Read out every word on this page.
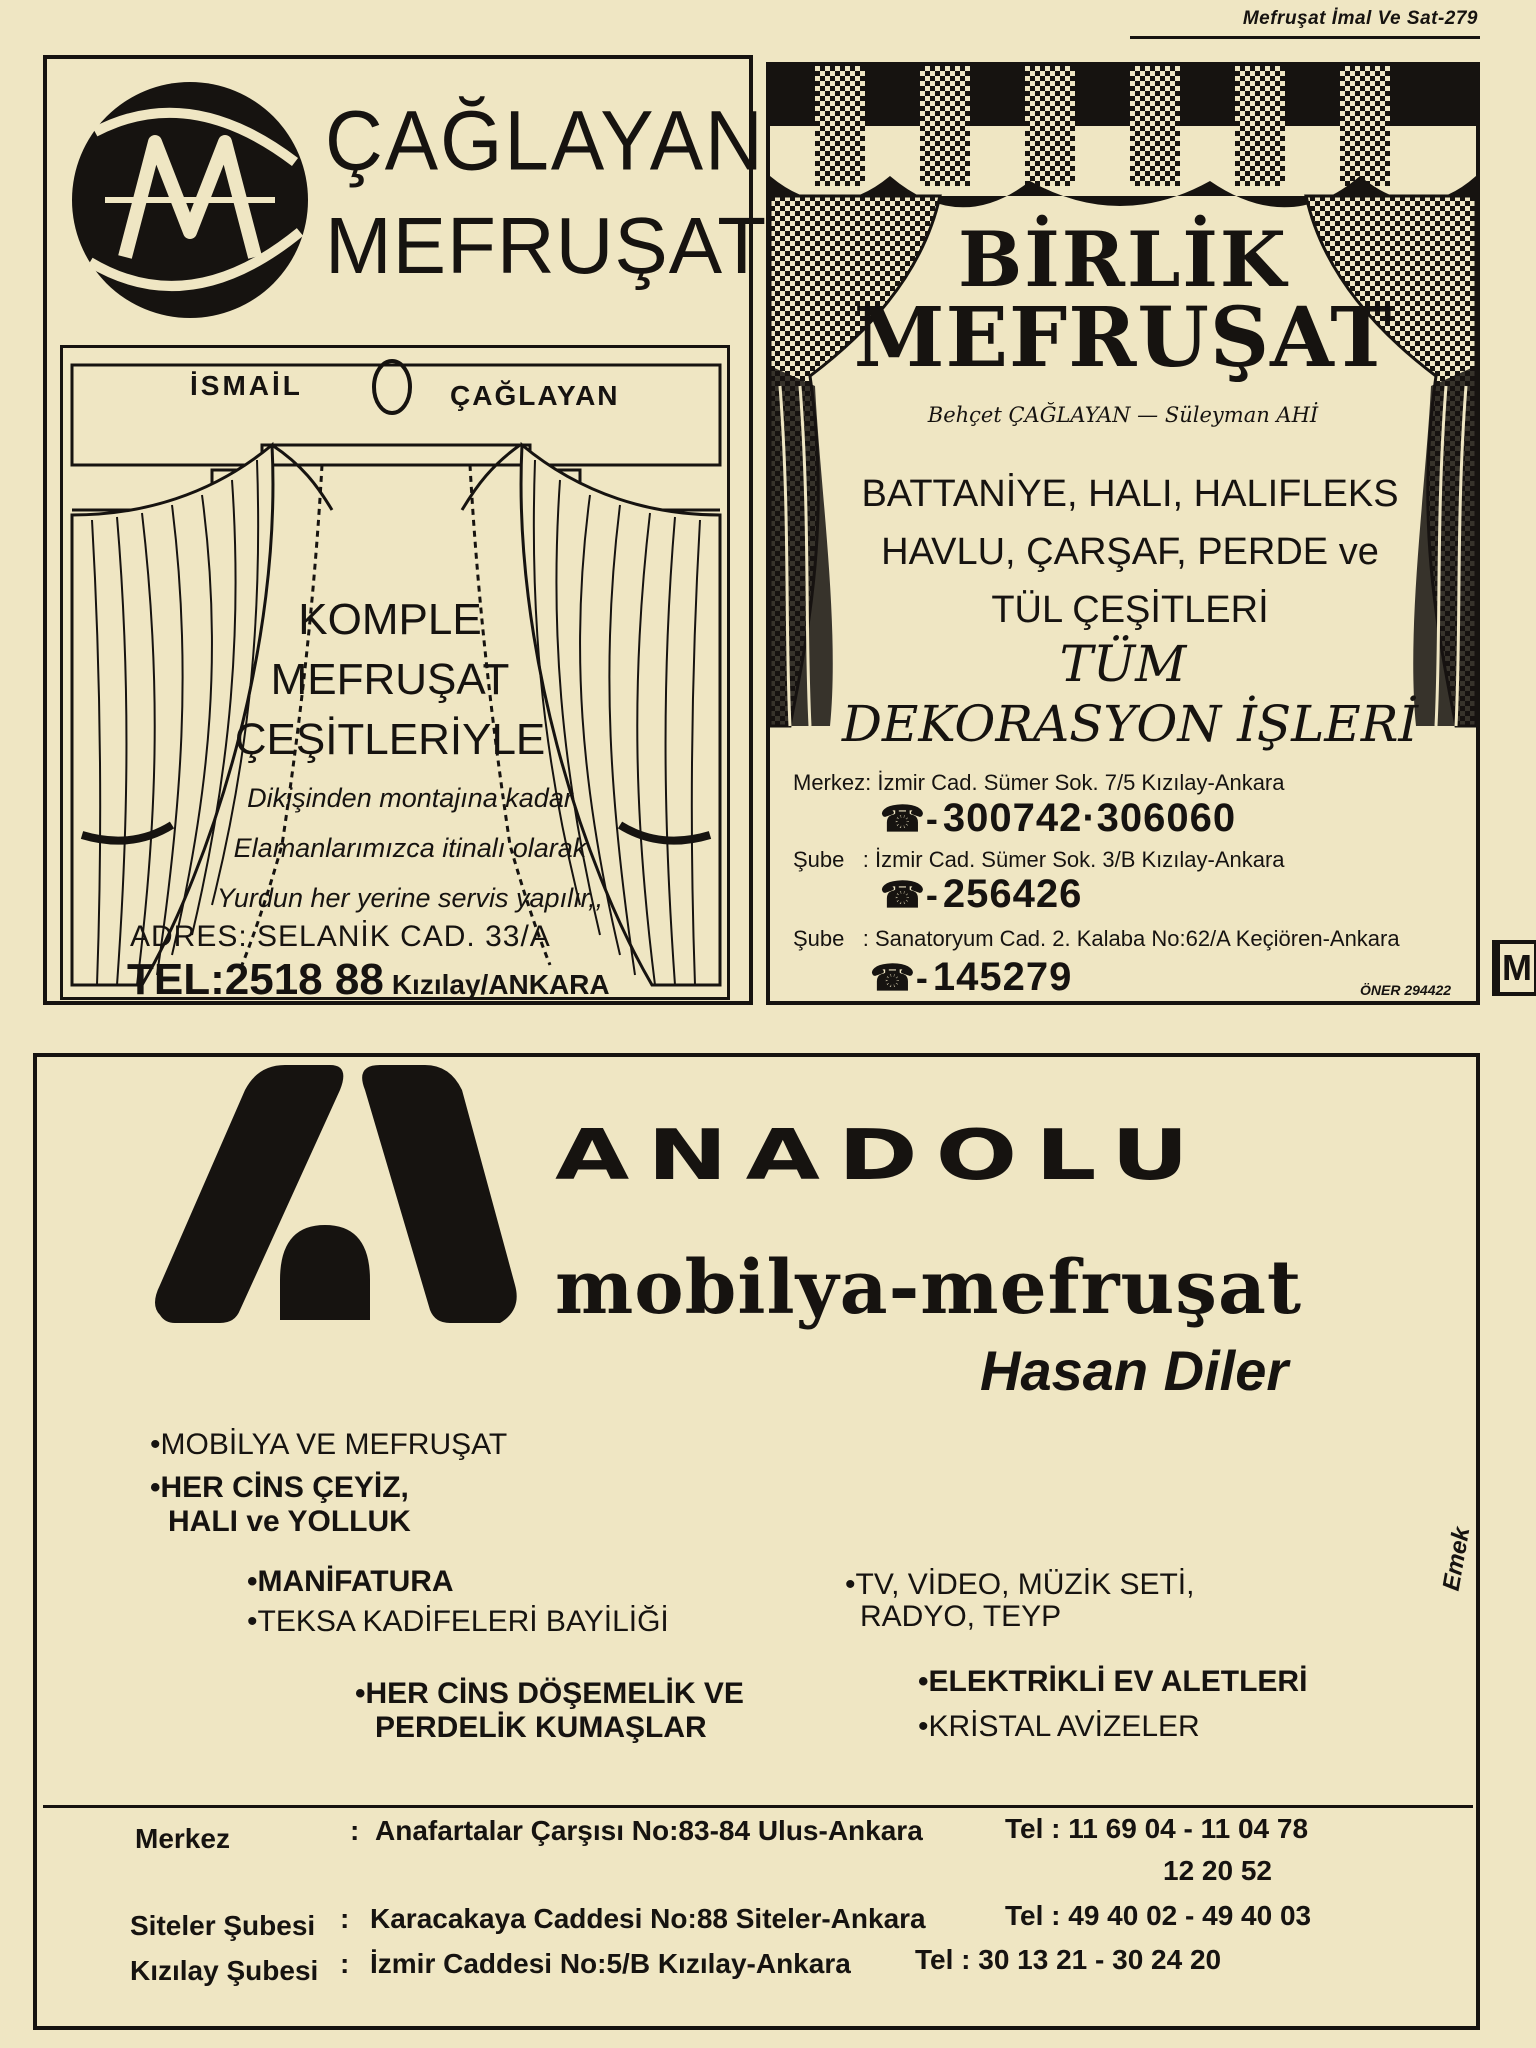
Mefruşat İmal Ve Sat-279
M
ÇAĞLAYAN
MEFRUŞAT
İSMAİL	ÇAĞLAYAN
KOMPLE
MEFRUŞAT
ÇEŞİTLERİYLE
Dikişinden montajına kadar
Elamanlarımızca itinalı olarak
Yurdun her yerine servis yapılır,,
ADRES: SELANİK CAD. 33/A
TEL:2518 88 Kızılay/ANKARA
BİRLİK
MEFRUŞAT
Behçet ÇAĞLAYAN — Süleyman AHİ
BATTANİYE, HALI, HALIFLEKS
HAVLU, ÇARŞAF, PERDE ve
TÜL ÇEŞİTLERİ
TÜM
DEKORASYON İŞLERİ
Merkez: İzmir Cad. Sümer Sok. 7/5 Kızılay-Ankara
☎- 300742·306060
Şube : İzmir Cad. Sümer Sok. 3/B Kızılay-Ankara
☎- 256426
Şube : Sanatoryum Cad. 2. Kalaba No:62/A Keçiören-Ankara
☎- 145279	ÖNER 294422
ANADOLU
mobilya-mefruşat
Hasan Diler
•MOBİLYA VE MEFRUŞAT
•HER CİNS ÇEYİZ,
HALI ve YOLLUK
•MANİFATURA
•TEKSA KADİFELERİ BAYİLİĞİ
•TV, VİDEO, MÜZİK SETİ,
RADYO, TEYP
•HER CİNS DÖŞEMELİK VE
PERDELİK KUMAŞLAR
•ELEKTRİKLİ EV ALETLERİ
•KRİSTAL AVİZELER
Emek
Merkez	: Anafartalar Çarşısı No:83-84 Ulus-Ankara	Tel : 11 69 04 - 11 04 78
12 20 52
Siteler Şubesi : Karacakaya Caddesi No:88 Siteler-Ankara	Tel : 49 40 02 - 49 40 03
Kızılay Şubesi : İzmir Caddesi No:5/B Kızılay-Ankara Tel : 30 13 21 - 30 24 20
